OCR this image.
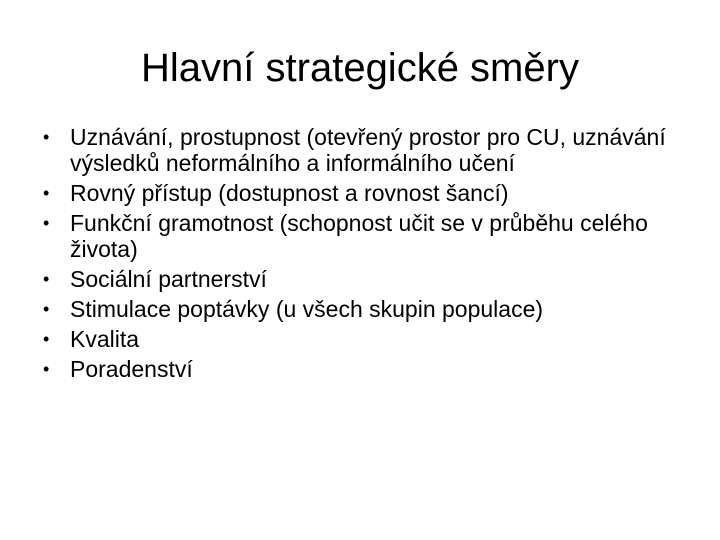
Hlavní strategické směry
• Uznávání, prostupnost (otevřený prostor pro CU, uznávání výsledků neformálního a informálního učení
• Rovný přístup (dostupnost a rovnost šancí)
• Funkční gramotnost (schopnost učit se v průběhu celého života)
• Sociální partnerství
• Stimulace poptávky (u všech skupin populace)
• Kvalita
• Poradenství
